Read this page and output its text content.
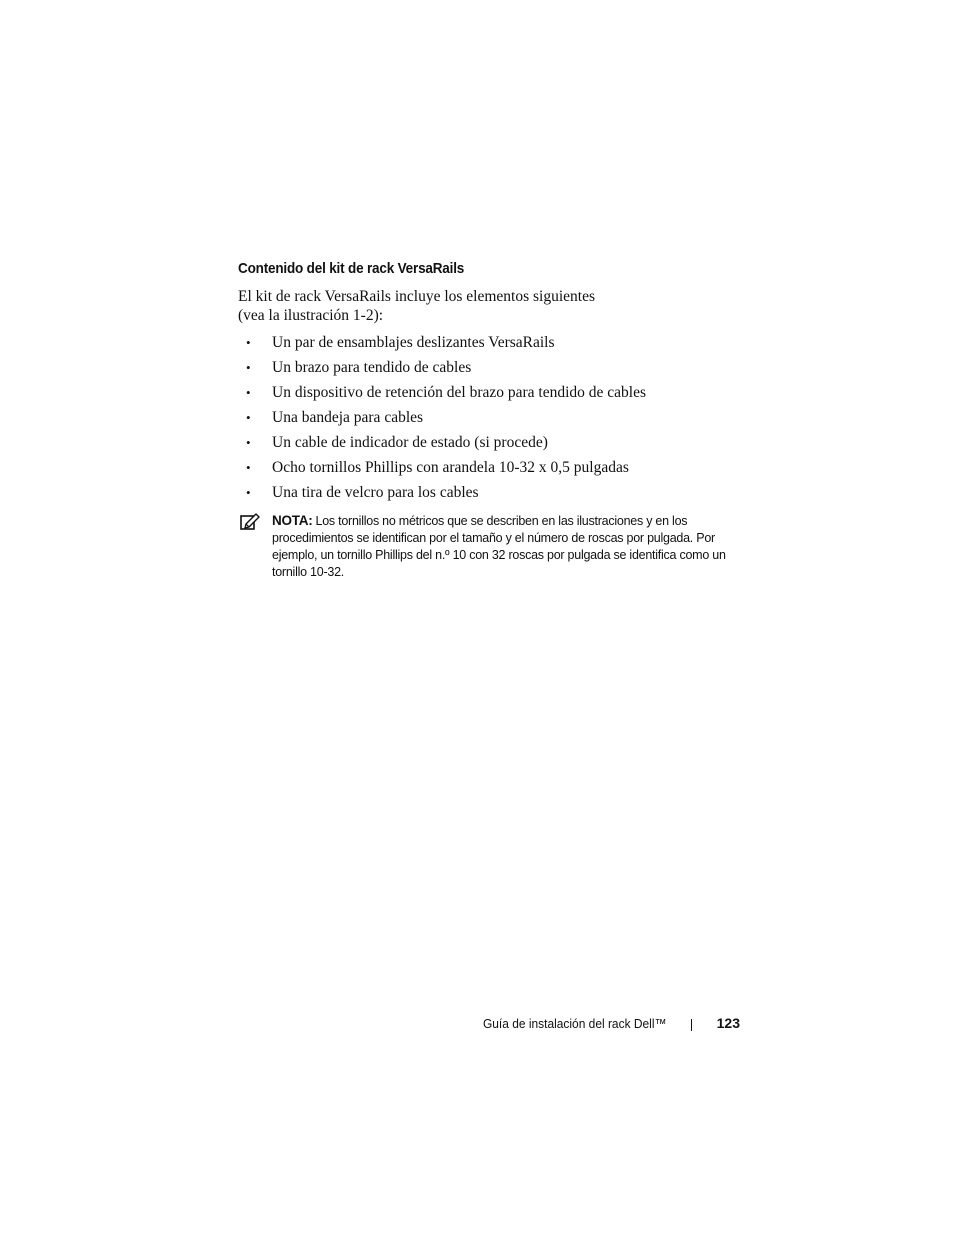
Contenido del kit de rack VersaRails

El kit de rack VersaRails incluye los elementos siguientes (vea la ilustración 1-2):

• Un par de ensamblajes deslizantes VersaRails
• Un brazo para tendido de cables
• Un dispositivo de retención del brazo para tendido de cables
• Una bandeja para cables
• Un cable de indicador de estado (si procede)
• Ocho tornillos Phillips con arandela 10-32 x 0,5 pulgadas
• Una tira de velcro para los cables

NOTA: Los tornillos no métricos que se describen en las ilustraciones y en los procedimientos se identifican por el tamaño y el número de roscas por pulgada. Por ejemplo, un tornillo Phillips del n.º 10 con 32 roscas por pulgada se identifica como un tornillo 10-32.

Guía de instalación del rack Dell™	123
